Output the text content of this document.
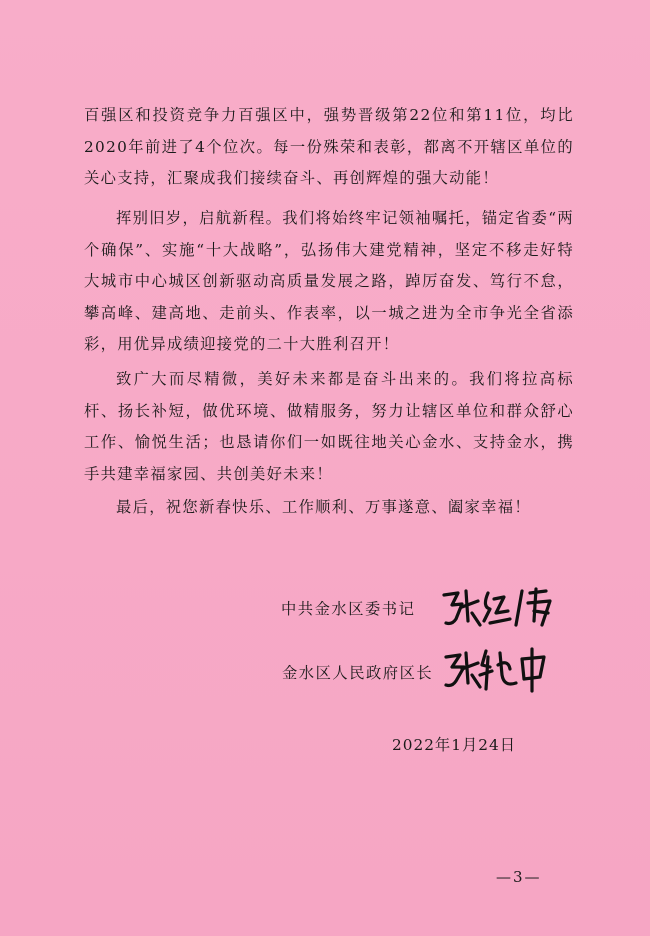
百强区和投资竞争力百强区中，强势晋级第22位和第11位，均比2020年前进了4个位次。每一份殊荣和表彰，都离不开辖区单位的关心支持，汇聚成我们接续奋斗、再创辉煌的强大动能！

挥别旧岁，启航新程。我们将始终牢记领袖嘱托，锚定省委“两个确保”、实施“十大战略”，弘扬伟大建党精神，坚定不移走好特大城市中心城区创新驱动高质量发展之路，踔厉奋发、笃行不怠，攀高峰、建高地、走前头、作表率，以一城之进为全市争光全省添彩，用优异成绩迎接党的二十大胜利召开！

致广大而尽精微，美好未来都是奋斗出来的。我们将拉高标杆、扬长补短，做优环境、做精服务，努力让辖区单位和群众舒心工作、愉悦生活；也恳请你们一如既往地关心金水、支持金水，携手共建幸福家园、共创美好未来！

最后，祝您新春快乐、工作顺利、万事遂意、阖家幸福！

中共金水区委书记
金水区人民政府区长
2022年1月24日
—3—
